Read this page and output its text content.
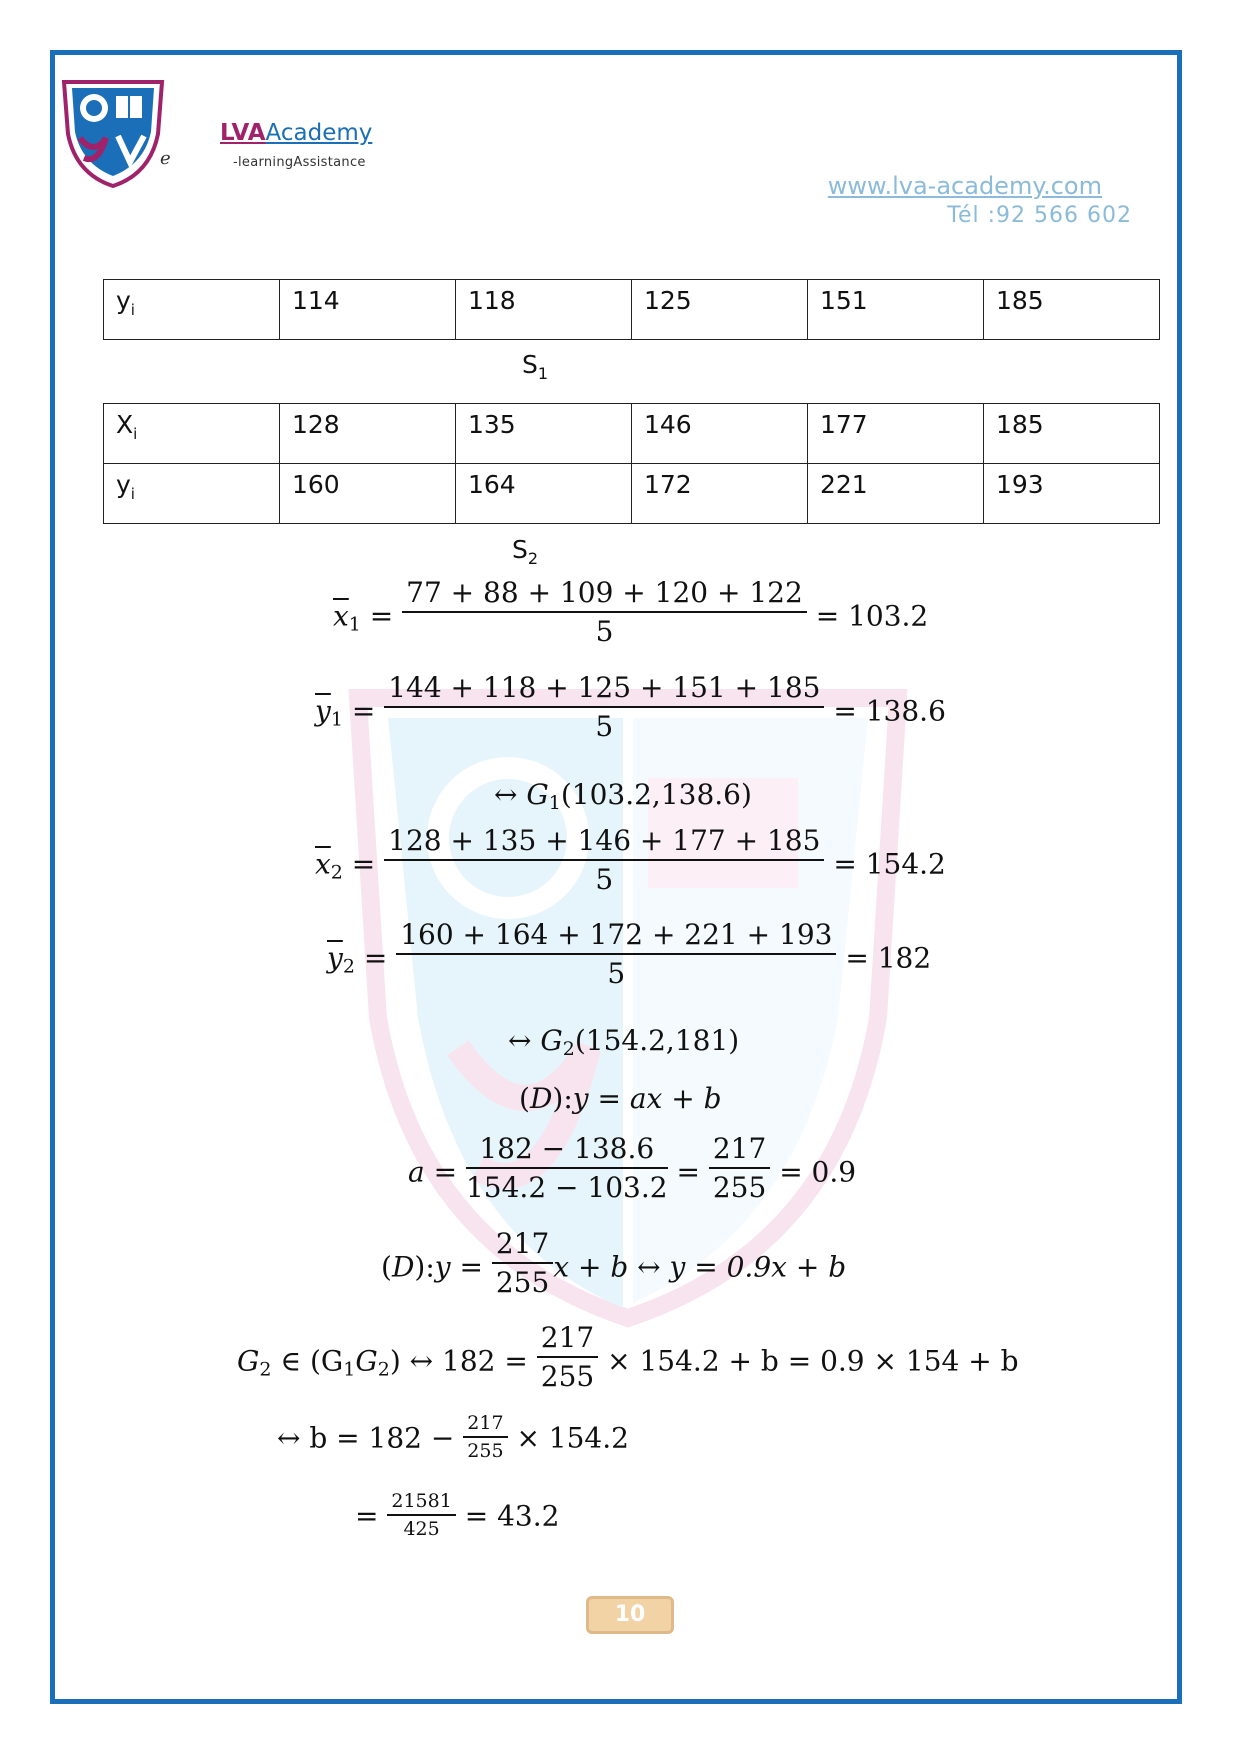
e
LVAAcademy
-learningAssistance
www.lva-academy.com
Tél :92 566 602
$y_i$	114	118	125	151	185
$S_1$
$X_i$	128	135	146	177	185
$y_i$	160	164	172	221	193
$S_2$
$\overline{x}_1 = \frac{77 + 88 + 109 + 120 + 122}{5} = 103.2$
$\overline{y}_1 = \frac{144 + 118 + 125 + 151 + 185}{5} = 138.6$
↔ $G_1(103.2,138.6)$
$\overline{x}_2 = \frac{128 + 135 + 146 + 177 + 185}{5} = 154.2$
$\overline{y}_2 = \frac{160 + 164 + 172 + 221 + 193}{5} = 182$
↔ $G_2(154.2,181)$
(D):y = ax + b
$a = \frac{182 - 138.6}{154.2 - 103.2} = \frac{217}{255} = 0.9$
(D):y = $\frac{217}{255}$ x + b ↔ y = 0.9x + b
$G_2$ ∈ $(G_1G_2)$ ↔ $182 = \frac{217}{255} \times 154.2 + b = 0.9 \times 154 + b$
↔ $b = 182 - \frac{217}{255} \times 154.2$
= $\frac{21581}{425} = 43.2$
10
